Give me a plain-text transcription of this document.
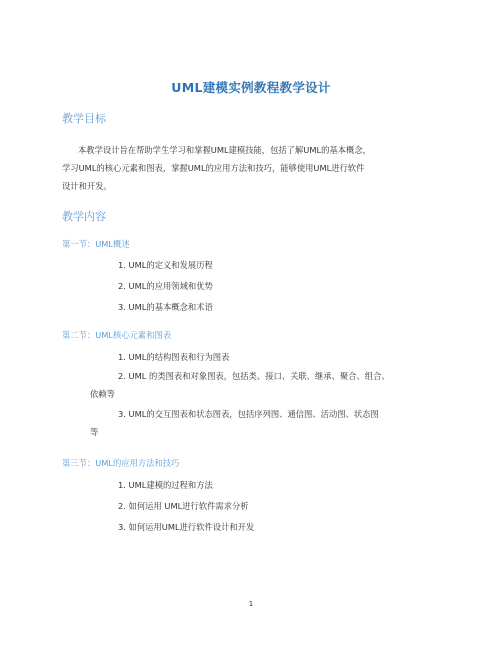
UML建模实例教程教学设计
教学目标
本教学设计旨在帮助学生学习和掌握UML建模技能，包括了解UML的基本概念，
学习UML的核心元素和图表，掌握UML的应用方法和技巧，能够使用UML进行软件
设计和开发。
教学内容
第一节：UML概述
1. UML的定义和发展历程
2. UML的应用领域和优势
3. UML的基本概念和术语
第二节：UML核心元素和图表
1. UML的结构图表和行为图表
2. UML 的类图表和对象图表，包括类、接口、关联、继承、聚合、组合、
依赖等
3. UML的交互图表和状态图表，包括序列图、通信图、活动图、状态图
等
第三节：UML的应用方法和技巧
1. UML建模的过程和方法
2. 如何运用 UML进行软件需求分析
3. 如何运用UML进行软件设计和开发
1
